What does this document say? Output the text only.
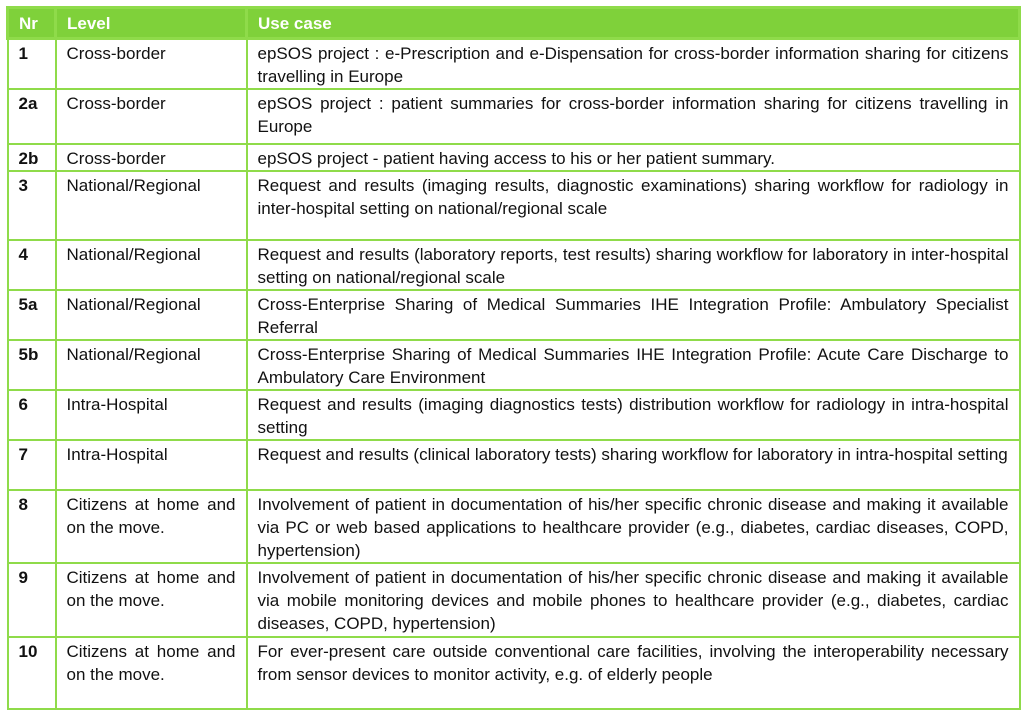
Nr	Level	Use case
1	Cross-border	epSOS project : e-Prescription and e-Dispensation for cross-border information sharing for citizens travelling in Europe
2a	Cross-border	epSOS project : patient summaries for cross-border information sharing for citizens travelling in Europe
2b	Cross-border	epSOS project - patient having access to his or her patient summary.
3	National/Regional	Request and results (imaging results, diagnostic examinations) sharing workflow for radiology in inter-hospital setting on national/regional scale
4	National/Regional	Request and results (laboratory reports, test results) sharing workflow for laboratory in inter-hospital setting on national/regional scale
5a	National/Regional	Cross-Enterprise Sharing of Medical Summaries IHE Integration Profile: Ambulatory Specialist Referral
5b	National/Regional	Cross-Enterprise Sharing of Medical Summaries IHE Integration Profile: Acute Care Discharge to Ambulatory Care Environment
6	Intra-Hospital	Request and results (imaging diagnostics tests) distribution workflow for radiology in intra-hospital setting
7	Intra-Hospital	Request and results (clinical laboratory tests) sharing workflow for laboratory in intra-hospital setting
8	Citizens at home and on the move.	Involvement of patient in documentation of his/her specific chronic disease and making it available via PC or web based applications to healthcare provider (e.g., diabetes, cardiac diseases, COPD, hypertension)
9	Citizens at home and on the move.	Involvement of patient in documentation of his/her specific chronic disease and making it available via mobile monitoring devices and mobile phones to healthcare provider (e.g., diabetes, cardiac diseases, COPD, hypertension)
10	Citizens at home and on the move.	For ever-present care outside conventional care facilities, involving the interoperability necessary from sensor devices to monitor activity, e.g. of elderly people
